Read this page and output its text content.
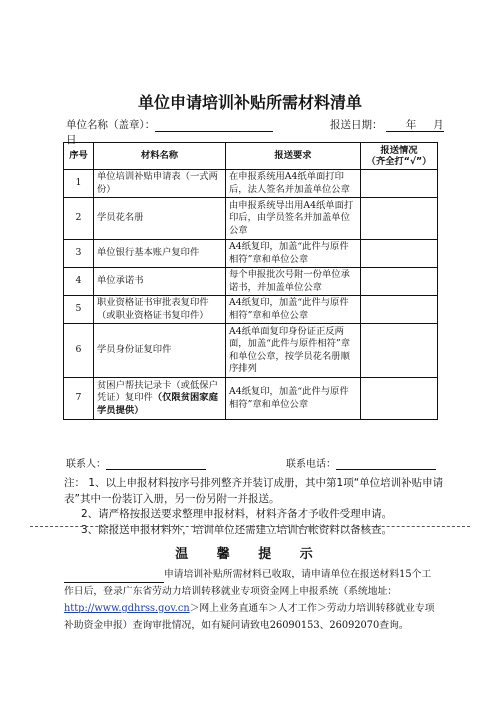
单位申请培训补贴所需材料清单
单位名称（盖章）：	报送日期： 年 月
日
序号	材料名称	报送要求	报送情况
（齐全打“√”）
1	单位培训补贴申请表（一式两份）	在申报系统用A4纸单面打印后，法人签名并加盖单位公章	
2	学员花名册	由申报系统导出用A4纸单面打印后，由学员签名并加盖单位公章	
3	单位银行基本账户复印件	A4纸复印，加盖“此件与原件相符”章和单位公章	
4	单位承诺书	每个申报批次号附一份单位承诺书，并加盖单位公章	
5	职业资格证书审批表复印件（或职业资格证书复印件）	A4纸复印，加盖“此件与原件相符”章和单位公章	
6	学员身份证复印件	A4纸单面复印身份证正反两面，加盖“此件与原件相符”章和单位公章，按学员花名册顺序排列	
7	贫困户帮扶记录卡（或低保户凭证）复印件（仅限贫困家庭学员提供）	A4纸复印，加盖“此件与原件相符”章和单位公章	
联系人：	联系电话：

注： 1、以上申报材料按序号排列整齐并装订成册，其中第1项“单位培训补贴申请表”其中一份装订入册，另一份另附一并报送。

2、请严格按报送要求整理申报材料，材料齐备才予收件受理申请。

3、除报送申报材料外，培训单位还需建立培训台帐资料以备核查。

温 馨 提 示
申请培训补贴所需材料已收取，请申请单位在报送材料15个工作日后，登录广东省劳动力培训转移就业专项资金网上申报系统（系统地址：http://www.gdhrss.gov.cn＞网上业务直通车＞人才工作＞劳动力培训转移就业专项补助资金申报）查询审批情况，如有疑问请致电26090153、26092070查询。
